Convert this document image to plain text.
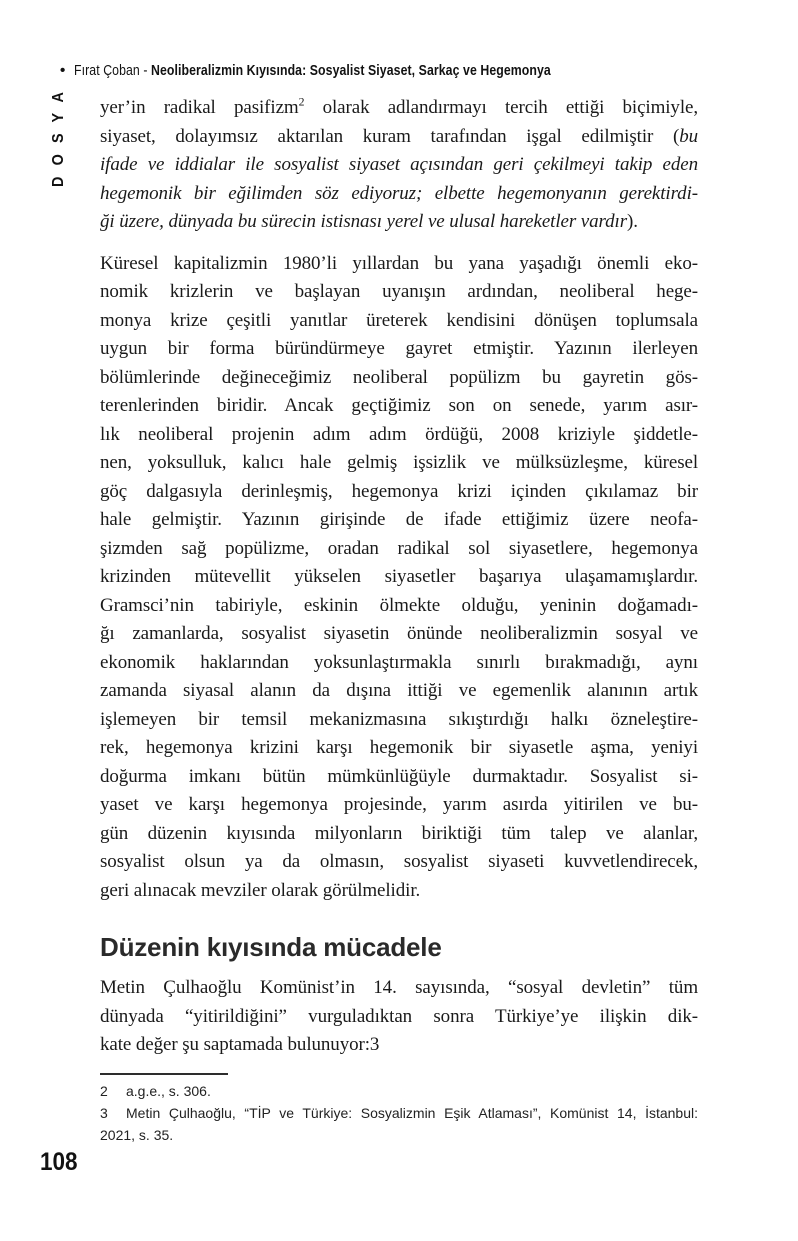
• Fırat Çoban - Neoliberalizmin Kıyısında: Sosyalist Siyaset, Sarkaç ve Hegemonya
D O S Y A yer’in radikal pasifizm$^2$ olarak adlandırmayı tercih ettiği biçimiyle,
siyaset, dolayımsız aktarılan kuram tarafından işgal edilmiştir (bu
ifade ve iddialar ile sosyalist siyaset açısından geri çekilmeyi takip eden
hegemonik bir eğilimden söz ediyoruz; elbette hegemonyanın gerektirdi-
ği üzere, dünyada bu sürecin istisnası yerel ve ulusal hareketler vardır).
Küresel kapitalizmin 1980’li yıllardan bu yana yaşadığı önemli eko-
nomik krizlerin ve başlayan uyanışın ardından, neoliberal hege-
monya krize çeşitli yanıtlar üreterek kendisini dönüşen toplumsala
uygun bir forma büründürmeye gayret etmiştir. Yazının ilerleyen
bölümlerinde değineceğimiz neoliberal popülizm bu gayretin gös-
terenlerinden biridir. Ancak geçtiğimiz son on senede, yarım asır-
lık neoliberal projenin adım adım ördüğü, 2008 kriziyle şiddetle-
nen, yoksulluk, kalıcı hale gelmiş işsizlik ve mülksüzleşme, küresel
göç dalgasıyla derinleşmiş, hegemonya krizi içinden çıkılamaz bir
hale gelmiştir. Yazının girişinde de ifade ettiğimiz üzere neofa-
şizmden sağ popülizme, oradan radikal sol siyasetlere, hegemonya
krizinden mütevellit yükselen siyasetler başarıya ulaşamamışlardır.
Gramsci’nin tabiriyle, eskinin ölmekte olduğu, yeninin doğamadı-
ğı zamanlarda, sosyalist siyasetin önünde neoliberalizmin sosyal ve
ekonomik haklarından yoksunlaştırmakla sınırlı bırakmadığı, aynı
zamanda siyasal alanın da dışına ittiği ve egemenlik alanının artık
işlemeyen bir temsil mekanizmasına sıkıştırdığı halkı özneleştire-
rek, hegemonya krizini karşı hegemonik bir siyasetle aşma, yeniyi
doğurma imkanı bütün mümkünlüğüyle durmaktadır. Sosyalist si-
yaset ve karşı hegemonya projesinde, yarım asırda yitirilen ve bu-
gün düzenin kıyısında milyonların biriktiği tüm talep ve alanlar,
sosyalist olsun ya da olmasın, sosyalist siyaseti kuvvetlendirecek,
geri alınacak mevziler olarak görülmelidir.
Düzenin kıyısında mücadele
Metin Çulhaoğlu Komünist’in 14. sayısında, “sosyal devletin” tüm
dünyada “yitirildiğini” vurguladıktan sonra Türkiye’ye ilişkin dik-
kate değer şu saptamada bulunuyor:3
2 a.g.e., s. 306.
3 Metin Çulhaoğlu, “TİP ve Türkiye: Sosyalizmin Eşik Atlaması”, Komünist 14, İstanbul:
2021, s. 35.
108
